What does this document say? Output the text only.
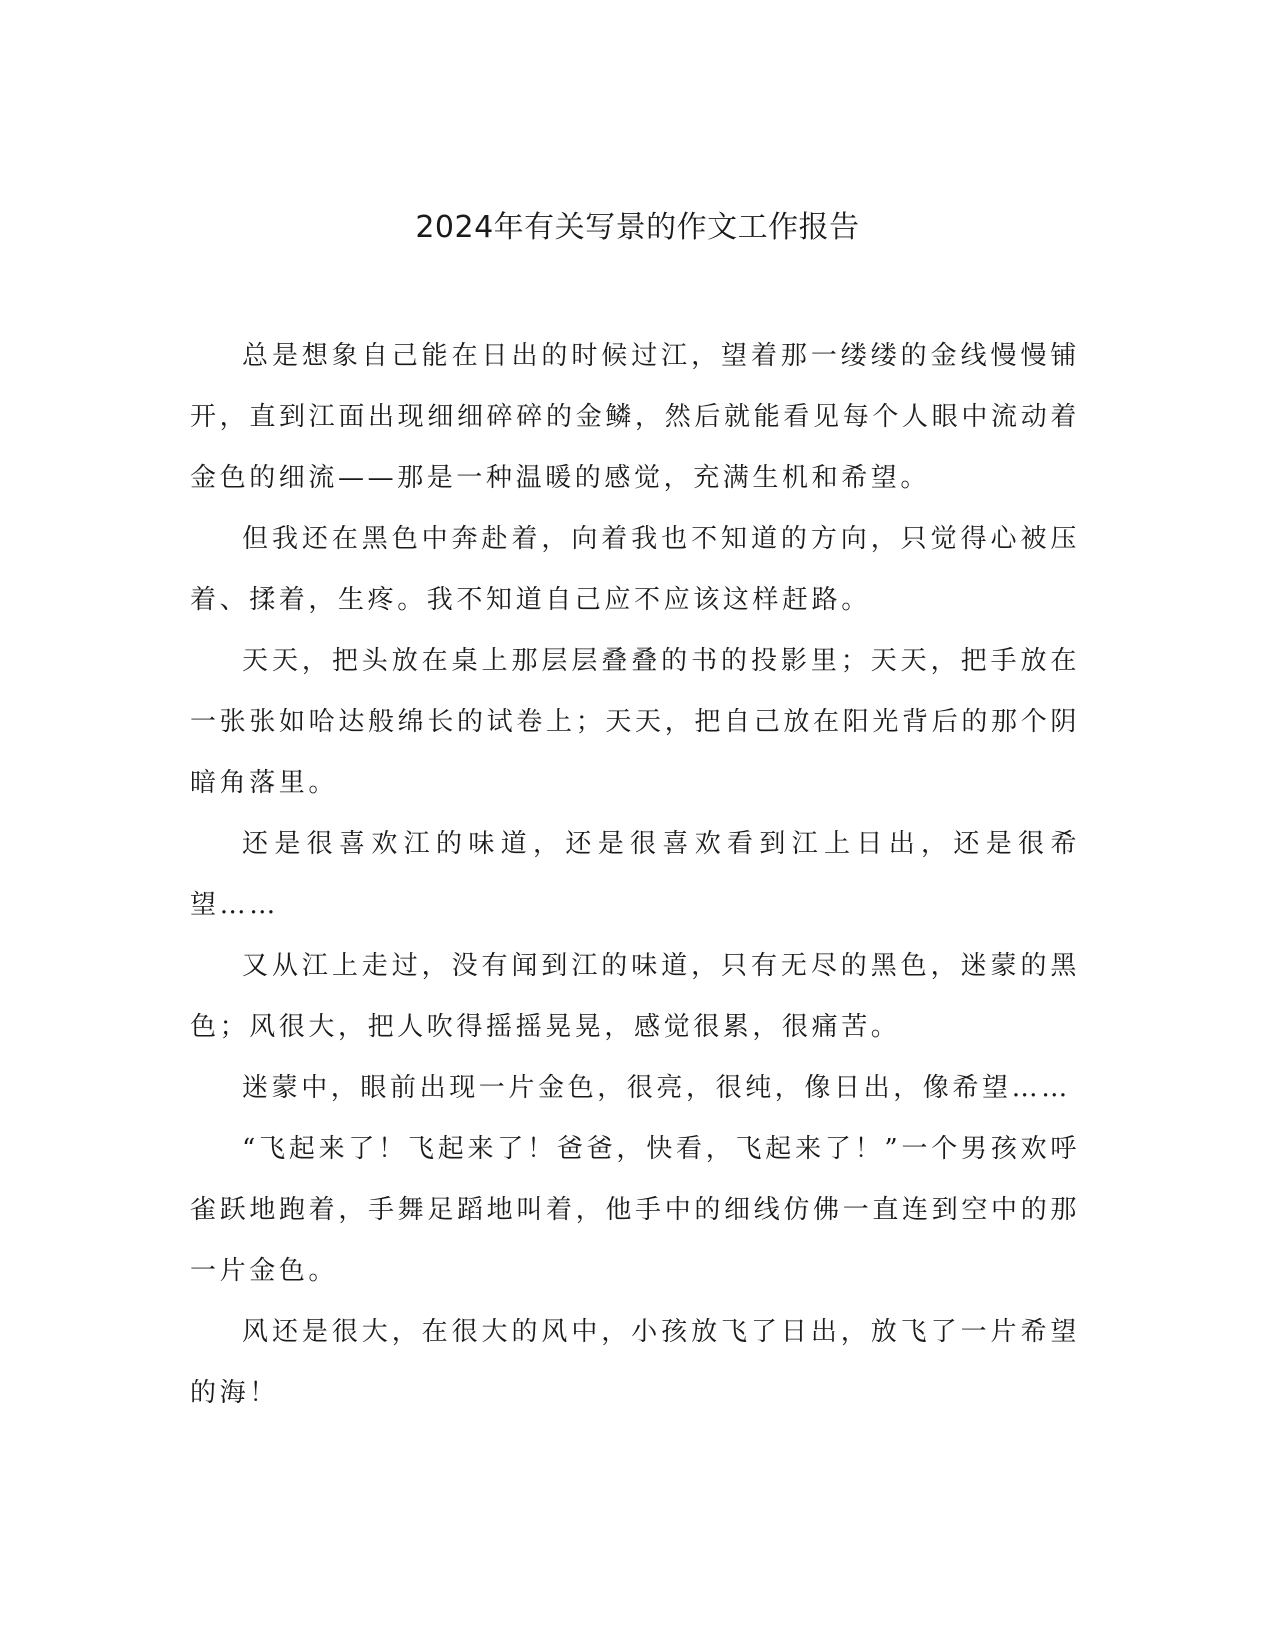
2024年有关写景的作文工作报告

总是想象自己能在日出的时候过江，望着那一缕缕的金线慢慢铺开，直到江面出现细细碎碎的金鳞，然后就能看见每个人眼中流动着金色的细流——那是一种温暖的感觉，充满生机和希望。

但我还在黑色中奔赴着，向着我也不知道的方向，只觉得心被压着、揉着，生疼。我不知道自己应不应该这样赶路。

天天，把头放在桌上那层层叠叠的书的投影里；天天，把手放在一张张如哈达般绵长的试卷上；天天，把自己放在阳光背后的那个阴暗角落里。

还是很喜欢江的味道，还是很喜欢看到江上日出，还是很希望……

又从江上走过，没有闻到江的味道，只有无尽的黑色，迷蒙的黑色；风很大，把人吹得摇摇晃晃，感觉很累，很痛苦。

迷蒙中，眼前出现一片金色，很亮，很纯，像日出，像希望……

“飞起来了！飞起来了！爸爸，快看，飞起来了！”一个男孩欢呼雀跃地跑着，手舞足蹈地叫着，他手中的细线仿佛一直连到空中的那一片金色。

风还是很大，在很大的风中，小孩放飞了日出，放飞了一片希望的海！
